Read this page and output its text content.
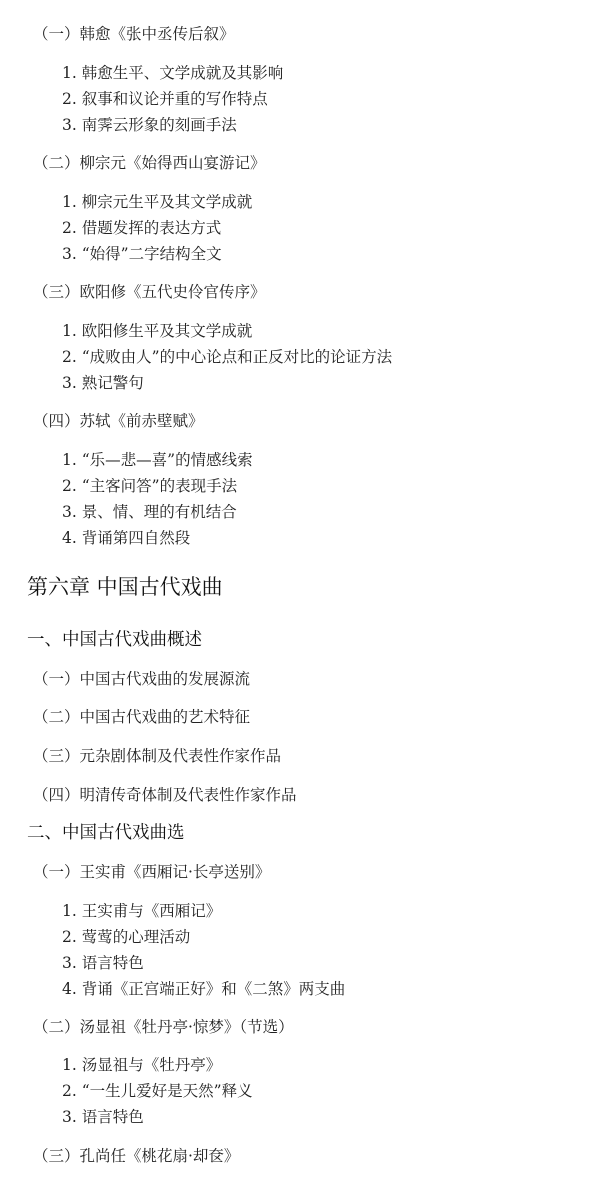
（一）韩愈《张中丞传后叙》
1. 韩愈生平、文学成就及其影响
2. 叙事和议论并重的写作特点
3. 南霁云形象的刻画手法
（二）柳宗元《始得西山宴游记》
1. 柳宗元生平及其文学成就
2. 借题发挥的表达方式
3. “始得”二字结构全文
（三）欧阳修《五代史伶官传序》
1. 欧阳修生平及其文学成就
2. “成败由人”的中心论点和正反对比的论证方法
3. 熟记警句
（四）苏轼《前赤壁赋》
1. “乐—悲—喜”的情感线索
2. “主客问答”的表现手法
3. 景、情、理的有机结合
4. 背诵第四自然段
第六章 中国古代戏曲
一、中国古代戏曲概述
（一）中国古代戏曲的发展源流
（二）中国古代戏曲的艺术特征
（三）元杂剧体制及代表性作家作品
（四）明清传奇体制及代表性作家作品
二、中国古代戏曲选
（一）王实甫《西厢记·长亭送别》
1. 王实甫与《西厢记》
2. 莺莺的心理活动
3. 语言特色
4. 背诵《正宫端正好》和《二煞》两支曲
（二）汤显祖《牡丹亭·惊梦》（节选）
1. 汤显祖与《牡丹亭》
2. “一生儿爱好是天然”释义
3. 语言特色
（三）孔尚任《桃花扇·却奁》
